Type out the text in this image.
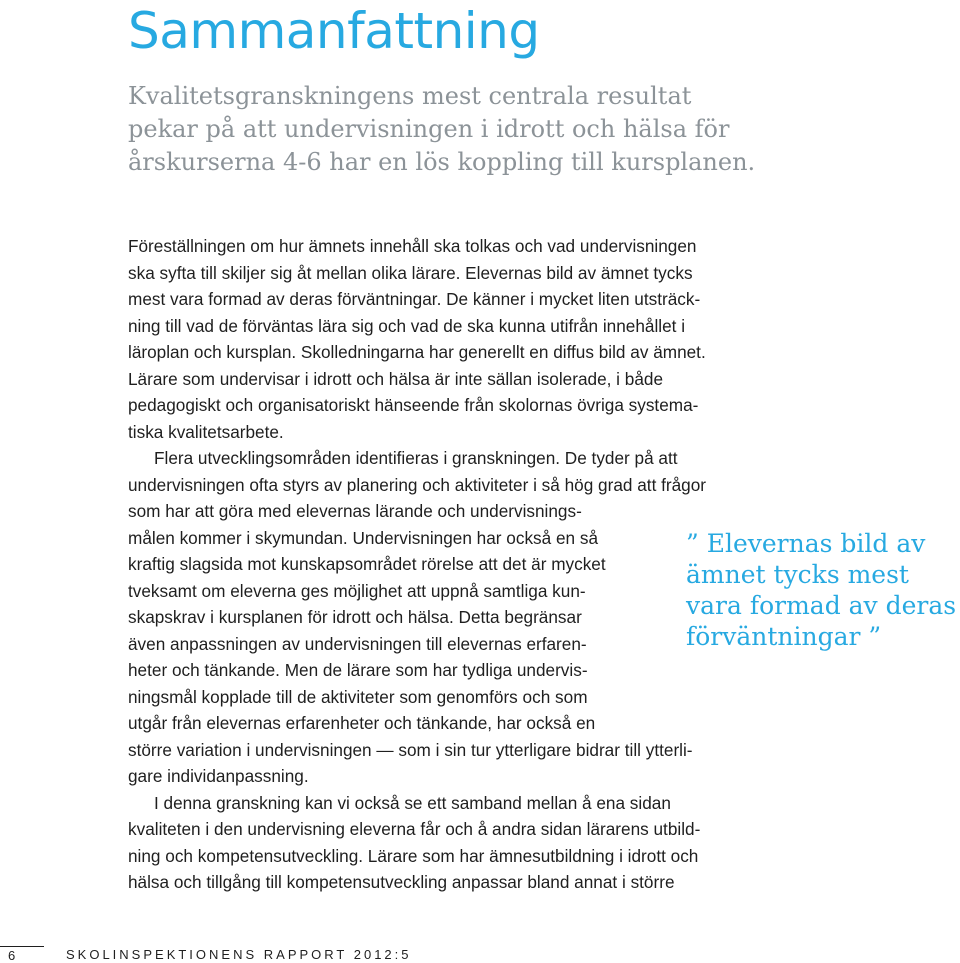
Sammanfattning
Kvalitetsgranskningens mest centrala resultat
pekar på att undervisningen i idrott och hälsa för
årskurserna 4-6 har en lös koppling till kursplanen.
Föreställningen om hur ämnets innehåll ska tolkas och vad undervisningen
ska syfta till skiljer sig åt mellan olika lärare. Elevernas bild av ämnet tycks
mest vara formad av deras förväntningar. De känner i mycket liten utsträck-
ning till vad de förväntas lära sig och vad de ska kunna utifrån innehållet i
läroplan och kursplan. Skolledningarna har generellt en diffus bild av ämnet.
Lärare som undervisar i idrott och hälsa är inte sällan isolerade, i både
pedagogiskt och organisatoriskt hänseende från skolornas övriga systema-
tiska kvalitetsarbete.
Flera utvecklingsområden identifieras i granskningen. De tyder på att
undervisningen ofta styrs av planering och aktiviteter i så hög grad att frågor
som har att göra med elevernas lärande och undervisnings-
målen kommer i skymundan. Undervisningen har också en så
kraftig slagsida mot kunskapsområdet rörelse att det är mycket
tveksamt om eleverna ges möjlighet att uppnå samtliga kun-
skapskrav i kursplanen för idrott och hälsa. Detta begränsar
även anpassningen av undervisningen till elevernas erfaren-
heter och tänkande. Men de lärare som har tydliga undervis-
ningsmål kopplade till de aktiviteter som genomförs och som
utgår från elevernas erfarenheter och tänkande, har också en
större variation i undervisningen — som i sin tur ytterligare bidrar till ytterli-
gare individanpassning.
I denna granskning kan vi också se ett samband mellan å ena sidan
kvaliteten i den undervisning eleverna får och å andra sidan lärarens utbild-
ning och kompetensutveckling. Lärare som har ämnesutbildning i idrott och
hälsa och tillgång till kompetensutveckling anpassar bland annat i större
” Elevernas bild av
ämnet tycks mest
vara formad av deras
förväntningar ”
6	SKOLINSPEKTIONENS RAPPORT 2012:5
